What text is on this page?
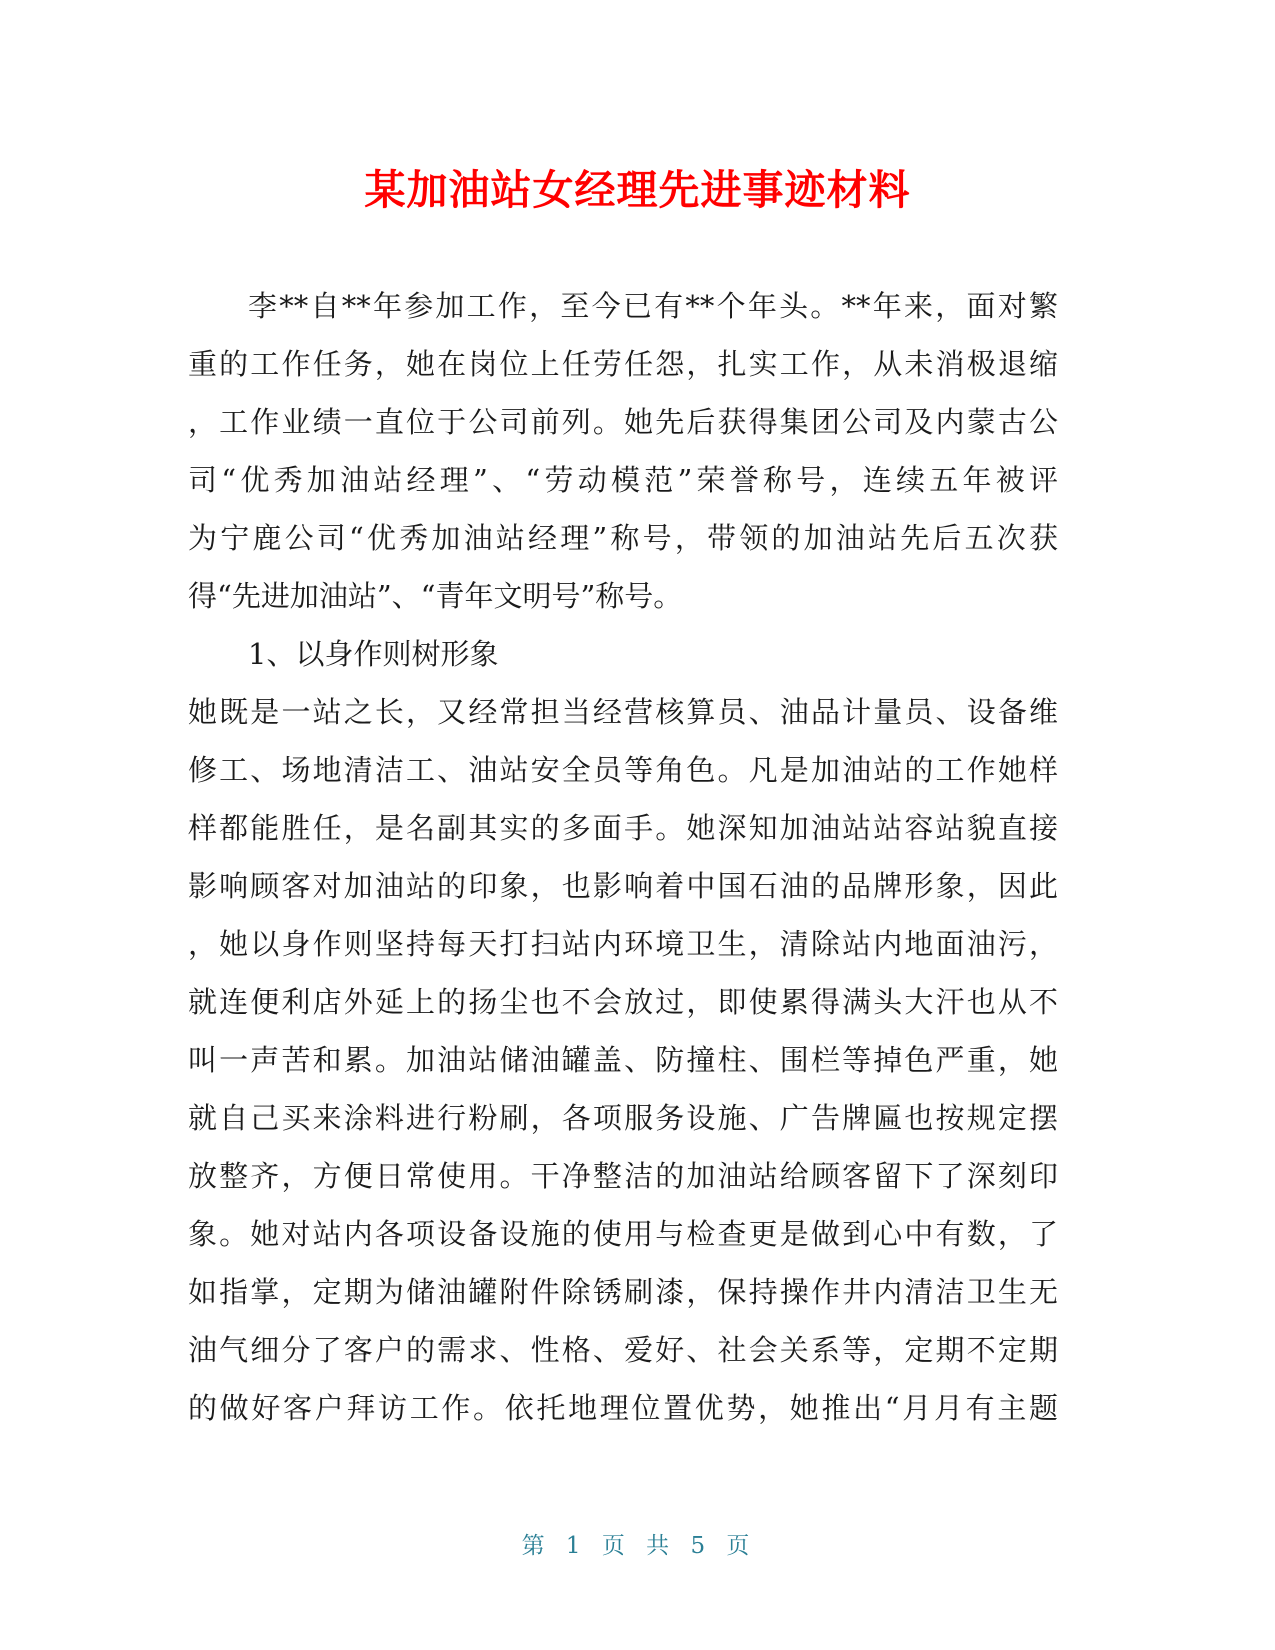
某加油站女经理先进事迹材料
李**自**年参加工作，至今已有**个年头。**年来，面对繁
重的工作任务，她在岗位上任劳任怨，扎实工作，从未消极退缩
，工作业绩一直位于公司前列。她先后获得集团公司及内蒙古公
司“优秀加油站经理”、“劳动模范”荣誉称号，连续五年被评
为宁鹿公司“优秀加油站经理”称号，带领的加油站先后五次获
得“先进加油站”、“青年文明号”称号。
1、以身作则树形象
她既是一站之长，又经常担当经营核算员、油品计量员、设备维
修工、场地清洁工、油站安全员等角色。凡是加油站的工作她样
样都能胜任，是名副其实的多面手。她深知加油站站容站貌直接
影响顾客对加油站的印象，也影响着中国石油的品牌形象，因此
，她以身作则坚持每天打扫站内环境卫生，清除站内地面油污，
就连便利店外延上的扬尘也不会放过，即使累得满头大汗也从不
叫一声苦和累。加油站储油罐盖、防撞柱、围栏等掉色严重，她
就自己买来涂料进行粉刷，各项服务设施、广告牌匾也按规定摆
放整齐，方便日常使用。干净整洁的加油站给顾客留下了深刻印
象。她对站内各项设备设施的使用与检查更是做到心中有数，了
如指掌，定期为储油罐附件除锈刷漆，保持操作井内清洁卫生无
油气细分了客户的需求、性格、爱好、社会关系等，定期不定期
的做好客户拜访工作。依托地理位置优势，她推出“月月有主题
第 1 页 共 5 页
